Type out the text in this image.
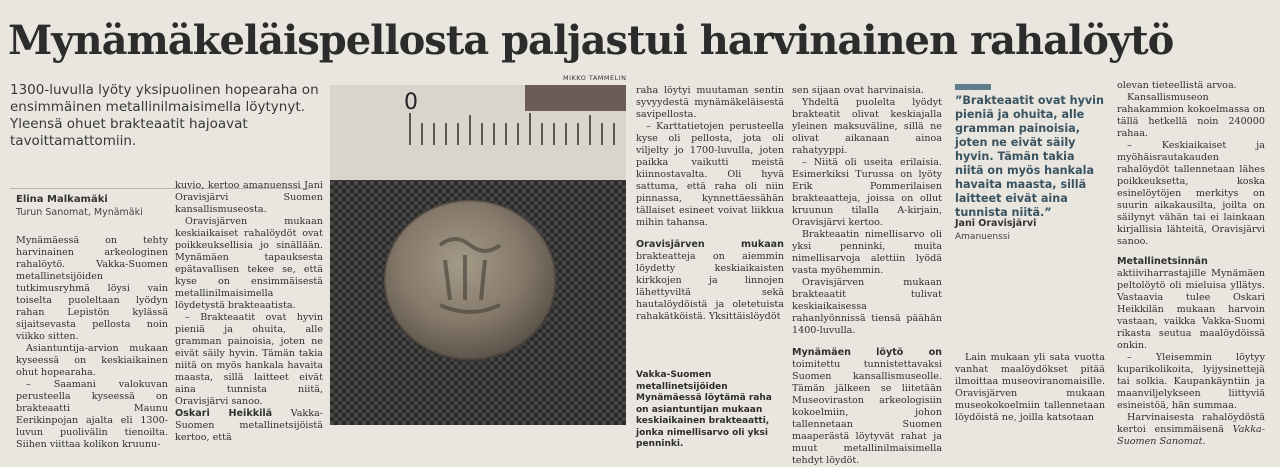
Mynämäkeläispellosta paljastui harvinainen rahalöytö
1300-luvulla lyöty yksipuolinen hopearaha on ensimmäinen metallinilmaisimella löytynyt. Yleensä ohuet brakteaatit hajoavat tavoittamattomiin.
Elina Malkamäki
Turun Sanomat, Mynämäki

Mynämäessä on tehty harvinainen arkeologinen rahalöytö. Vakka-Suomen metallinetsijöiden tutkimusryhmä löysi vain toiselta puoleltaan lyödyn rahan Lepistön kylässä sijaitsevasta pellosta noin viikko sitten.

Asiantuntija-arvion mukaan kyseessä on keskiaikainen ohut hopearaha.

– Saamani valokuvan perusteella kyseessä on brakteaatti Maunu Eerikinpojan ajalta eli 1300-luvun puolivälin tienoilta. Siihen viittaa kolikon kruunu-

kuvio, kertoo amanuenssi Jani Oravisjärvi Suomen kansallismuseosta.

Oravisjärven mukaan keskiaikaiset rahalöydöt ovat poikkeuksellisia jo sinällään. Mynämäen tapauksesta epätavallisen tekee se, että kyse on ensimmäisestä metallinilmaisimella löydetystä brakteaatista.

– Brakteaatit ovat hyvin pieniä ja ohuita, alle gramman painoisia, joten ne eivät säily hyvin. Tämän takia niitä on myös hankala havaita maasta, sillä laitteet eivät aina tunnista niitä, Oravisjärvi sanoo.

Oskari Heikkilä Vakka-Suomen metallinetsijöistä kertoo, että

MIKKO TAMMELIN
0	raha löytyi muutaman sentin syvyydestä mynämäkeläisestä savipellosta.

– Karttatietojen perusteella kyse oli pellosta, jota oli viljelty jo 1700-luvulla, joten paikka vaikutti meistä kiinnostavalta. Oli hyvä sattuma, että raha oli niin pinnassa, kynnettäessähän tällaiset esineet voivat liikkua mihin tahansa.

Oravisjärven mukaan brakteatteja on aiemmin löydetty keskiaikaisten kirkkojen ja linnojen lähettyviltä sekä hautalöydöistä ja oletetuista rahakätköistä. Yksittäislöydöt

Vakka-Suomen metallinetsijöiden Mynämäessä löytämä raha on asiantuntijan mukaan keskiaikainen brakteaatti, jonka nimellisarvo oli yksi penninki.

sen sijaan ovat harvinaisia.

Yhdeltä puolelta lyödyt brakteatit olivat keskiajalla yleinen maksuväline, sillä ne olivat aikanaan ainoa rahatyyppi.

– Niitä oli useita erilaisia. Esimerkiksi Turussa on lyöty Erik Pommerilaisen brakteaatteja, joissa on ollut kruunun tilalla A-kirjain, Oravisjärvi kertoo.

Brakteaatin nimellisarvo oli yksi penninki, muita nimellisarvoja alettiin lyödä vasta myöhemmin.

Oravisjärven mukaan brakteaatit tulivat keskiaikaisessa rahanlyönnissä tiensä päähän 1400-luvulla.

Mynämäen löytö on toimitettu tunnistettavaksi Suomen kansallismuseolle. Tämän jälkeen se liitetään Museoviraston arkeologisiin kokoelmiin, johon tallennetaan Suomen maaperästä löytyvät rahat ja muut metallinilmaisimella tehdyt löydöt.

”Brakteaatit ovat hyvin pieniä ja ohuita, alle gramman painoisia, joten ne eivät säily hyvin. Tämän takia niitä on myös hankala havaita maasta, sillä laitteet eivät aina tunnista niitä.”
Jani Oravisjärvi
Amanuenssi

Lain mukaan yli sata vuotta vanhat maalöydökset pitää ilmoittaa museoviranomaisille. Oravisjärven mukaan museokokoelmiin tallennetaan löydöistä ne, joilla katsotaan

olevan tieteellistä arvoa.

Kansallismuseon rahakammion kokoelmassa on tällä hetkellä noin 240000 rahaa.

– Keskiaikaiset ja myöhäisrautakauden rahalöydöt tallennetaan lähes poikkeuksetta, koska esinelöytöjen merkitys on suurin aikakausilta, joilta on säilynyt vähän tai ei lainkaan kirjallisia lähteitä, Oravisjärvi sanoo.

Metallinetsinnän aktiiviharrastajille Mynämäen peltolöytö oli mieluisa yllätys. Vastaavia tulee Oskari Heikkilän mukaan harvoin vastaan, vaikka Vakka-Suomi rikasta seutua maalöydöissä onkin.

– Yleisemmin löytyy kuparikolikoita, lyijysinettejä tai solkia. Kaupankäyntiin ja maanviljelykseen liittyviä esineistöä, hän summaa.

Harvinaisesta rahalöydöstä kertoi ensimmäisenä Vakka-Suomen Sanomat.
